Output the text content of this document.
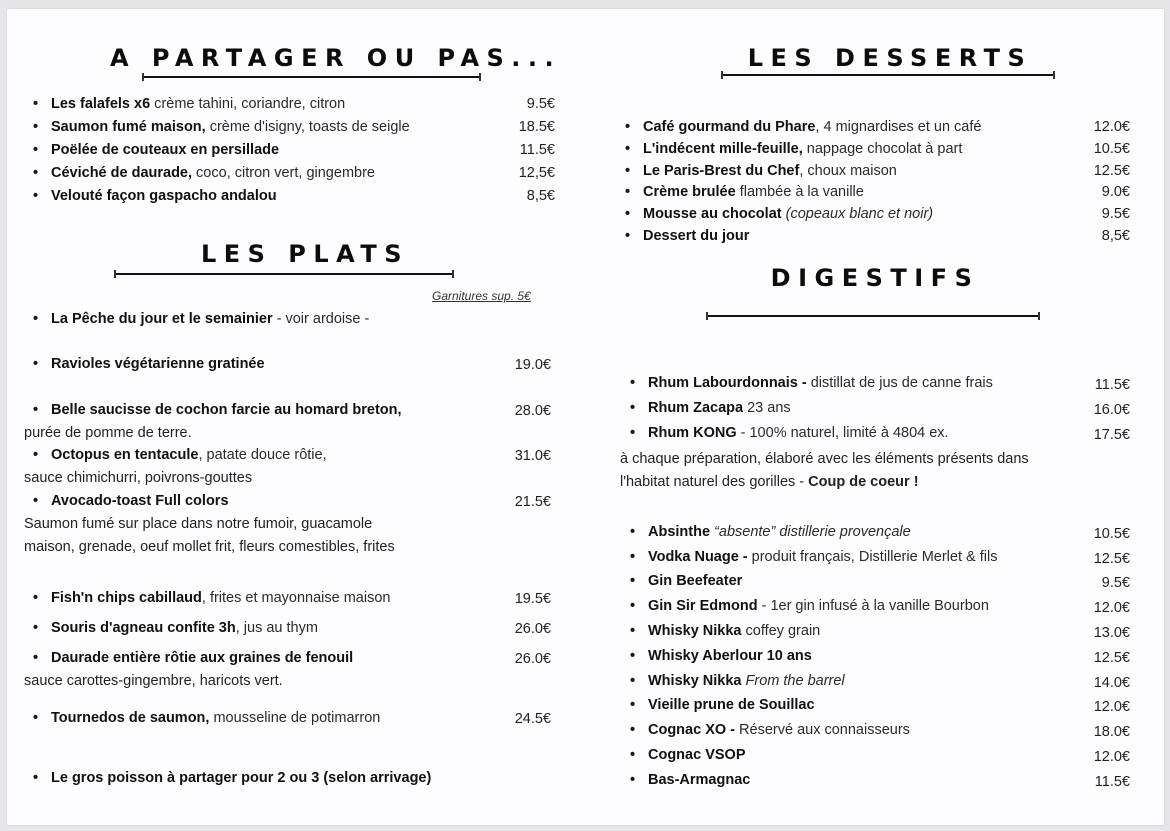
A PARTAGER OU PAS...
• Les falafels x6 crème tahini, coriandre, citron	9.5€
• Saumon fumé maison, crème d'isigny, toasts de seigle	18.5€
• Poëlée de couteaux en persillade	11.5€
• Céviché de daurade, coco, citron vert, gingembre	12,5€
• Velouté façon gaspacho andalou	8,5€
LES PLATS
Garnitures sup. 5€
• La Pêche du jour et le semainier - voir ardoise -
• Ravioles végétarienne gratinée	19.0€
• Belle saucisse de cochon farcie au homard breton,	28.0€
purée de pomme de terre.
• Octopus en tentacule, patate douce rôtie,	31.0€
sauce chimichurri, poivrons-gouttes
• Avocado-toast Full colors	21.5€
Saumon fumé sur place dans notre fumoir, guacamole
maison, grenade, oeuf mollet frit, fleurs comestibles, frites
• Fish'n chips cabillaud, frites et mayonnaise maison	19.5€
• Souris d'agneau confite 3h, jus au thym	26.0€
• Daurade entière rôtie aux graines de fenouil	26.0€
sauce carottes-gingembre, haricots vert.
• Tournedos de saumon, mousseline de potimarron	24.5€
• Le gros poisson à partager pour 2 ou 3 (selon arrivage)
LES DESSERTS
• Café gourmand du Phare, 4 mignardises et un café	12.0€
• L'indécent mille-feuille, nappage chocolat à part	10.5€
• Le Paris-Brest du Chef, choux maison	12.5€
• Crème brulée flambée à la vanille	9.0€
• Mousse au chocolat (copeaux blanc et noir)	9.5€
• Dessert du jour	8,5€
DIGESTIFS
• Rhum Labourdonnais - distillat de jus de canne frais	11.5€
• Rhum Zacapa 23 ans	16.0€
• Rhum KONG - 100% naturel, limité à 4804 ex.	17.5€
à chaque préparation, élaboré avec les éléments présents dans
l'habitat naturel des gorilles - Coup de coeur !
• Absinthe “absente” distillerie provençale	10.5€
• Vodka Nuage - produit français, Distillerie Merlet & fils	12.5€
• Gin Beefeater	9.5€
• Gin Sir Edmond - 1er gin infusé à la vanille Bourbon	12.0€
• Whisky Nikka coffey grain	13.0€
• Whisky Aberlour 10 ans	12.5€
• Whisky Nikka From the barrel	14.0€
• Vieille prune de Souillac	12.0€
• Cognac XO - Réservé aux connaisseurs	18.0€
• Cognac VSOP	12.0€
• Bas-Armagnac	11.5€
